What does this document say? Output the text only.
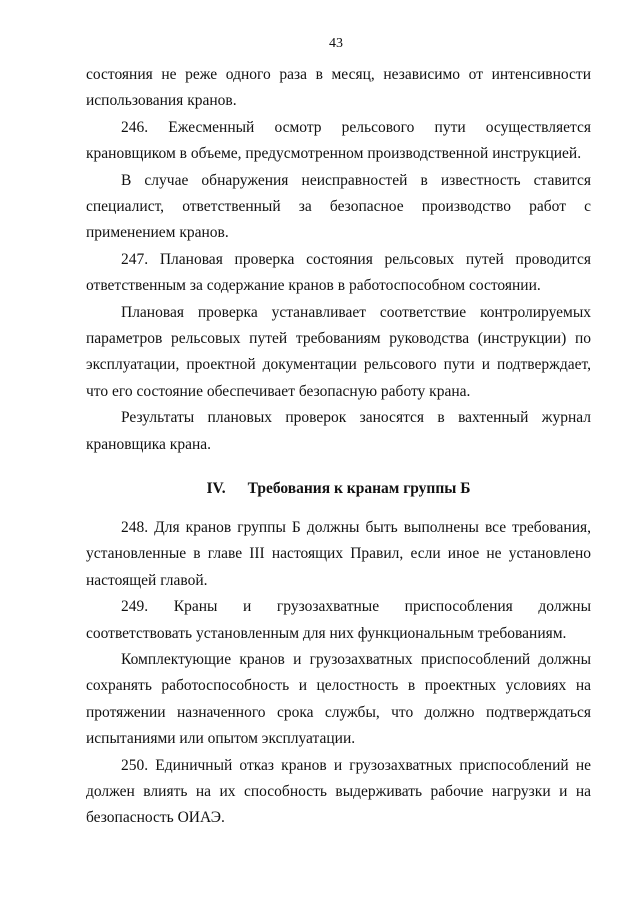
43

состояния не реже одного раза в месяц, независимо от интенсивности использования кранов.

246. Ежесменный осмотр рельсового пути осуществляется крановщиком в объеме, предусмотренном производственной инструкцией.

В случае обнаружения неисправностей в известность ставится специалист, ответственный за безопасное производство работ с применением кранов.

247. Плановая проверка состояния рельсовых путей проводится ответственным за содержание кранов в работоспособном состоянии.

Плановая проверка устанавливает соответствие контролируемых параметров рельсовых путей требованиям руководства (инструкции) по эксплуатации, проектной документации рельсового пути и подтверждает, что его состояние обеспечивает безопасную работу крана.

Результаты плановых проверок заносятся в вахтенный журнал крановщика крана.

IV. Требования к кранам группы Б

248. Для кранов группы Б должны быть выполнены все требования, установленные в главе III настоящих Правил, если иное не установлено настоящей главой.

249. Краны и грузозахватные приспособления должны соответствовать установленным для них функциональным требованиям.

Комплектующие кранов и грузозахватных приспособлений должны сохранять работоспособность и целостность в проектных условиях на протяжении назначенного срока службы, что должно подтверждаться испытаниями или опытом эксплуатации.

250. Единичный отказ кранов и грузозахватных приспособлений не должен влиять на их способность выдерживать рабочие нагрузки и на безопасность ОИАЭ.
